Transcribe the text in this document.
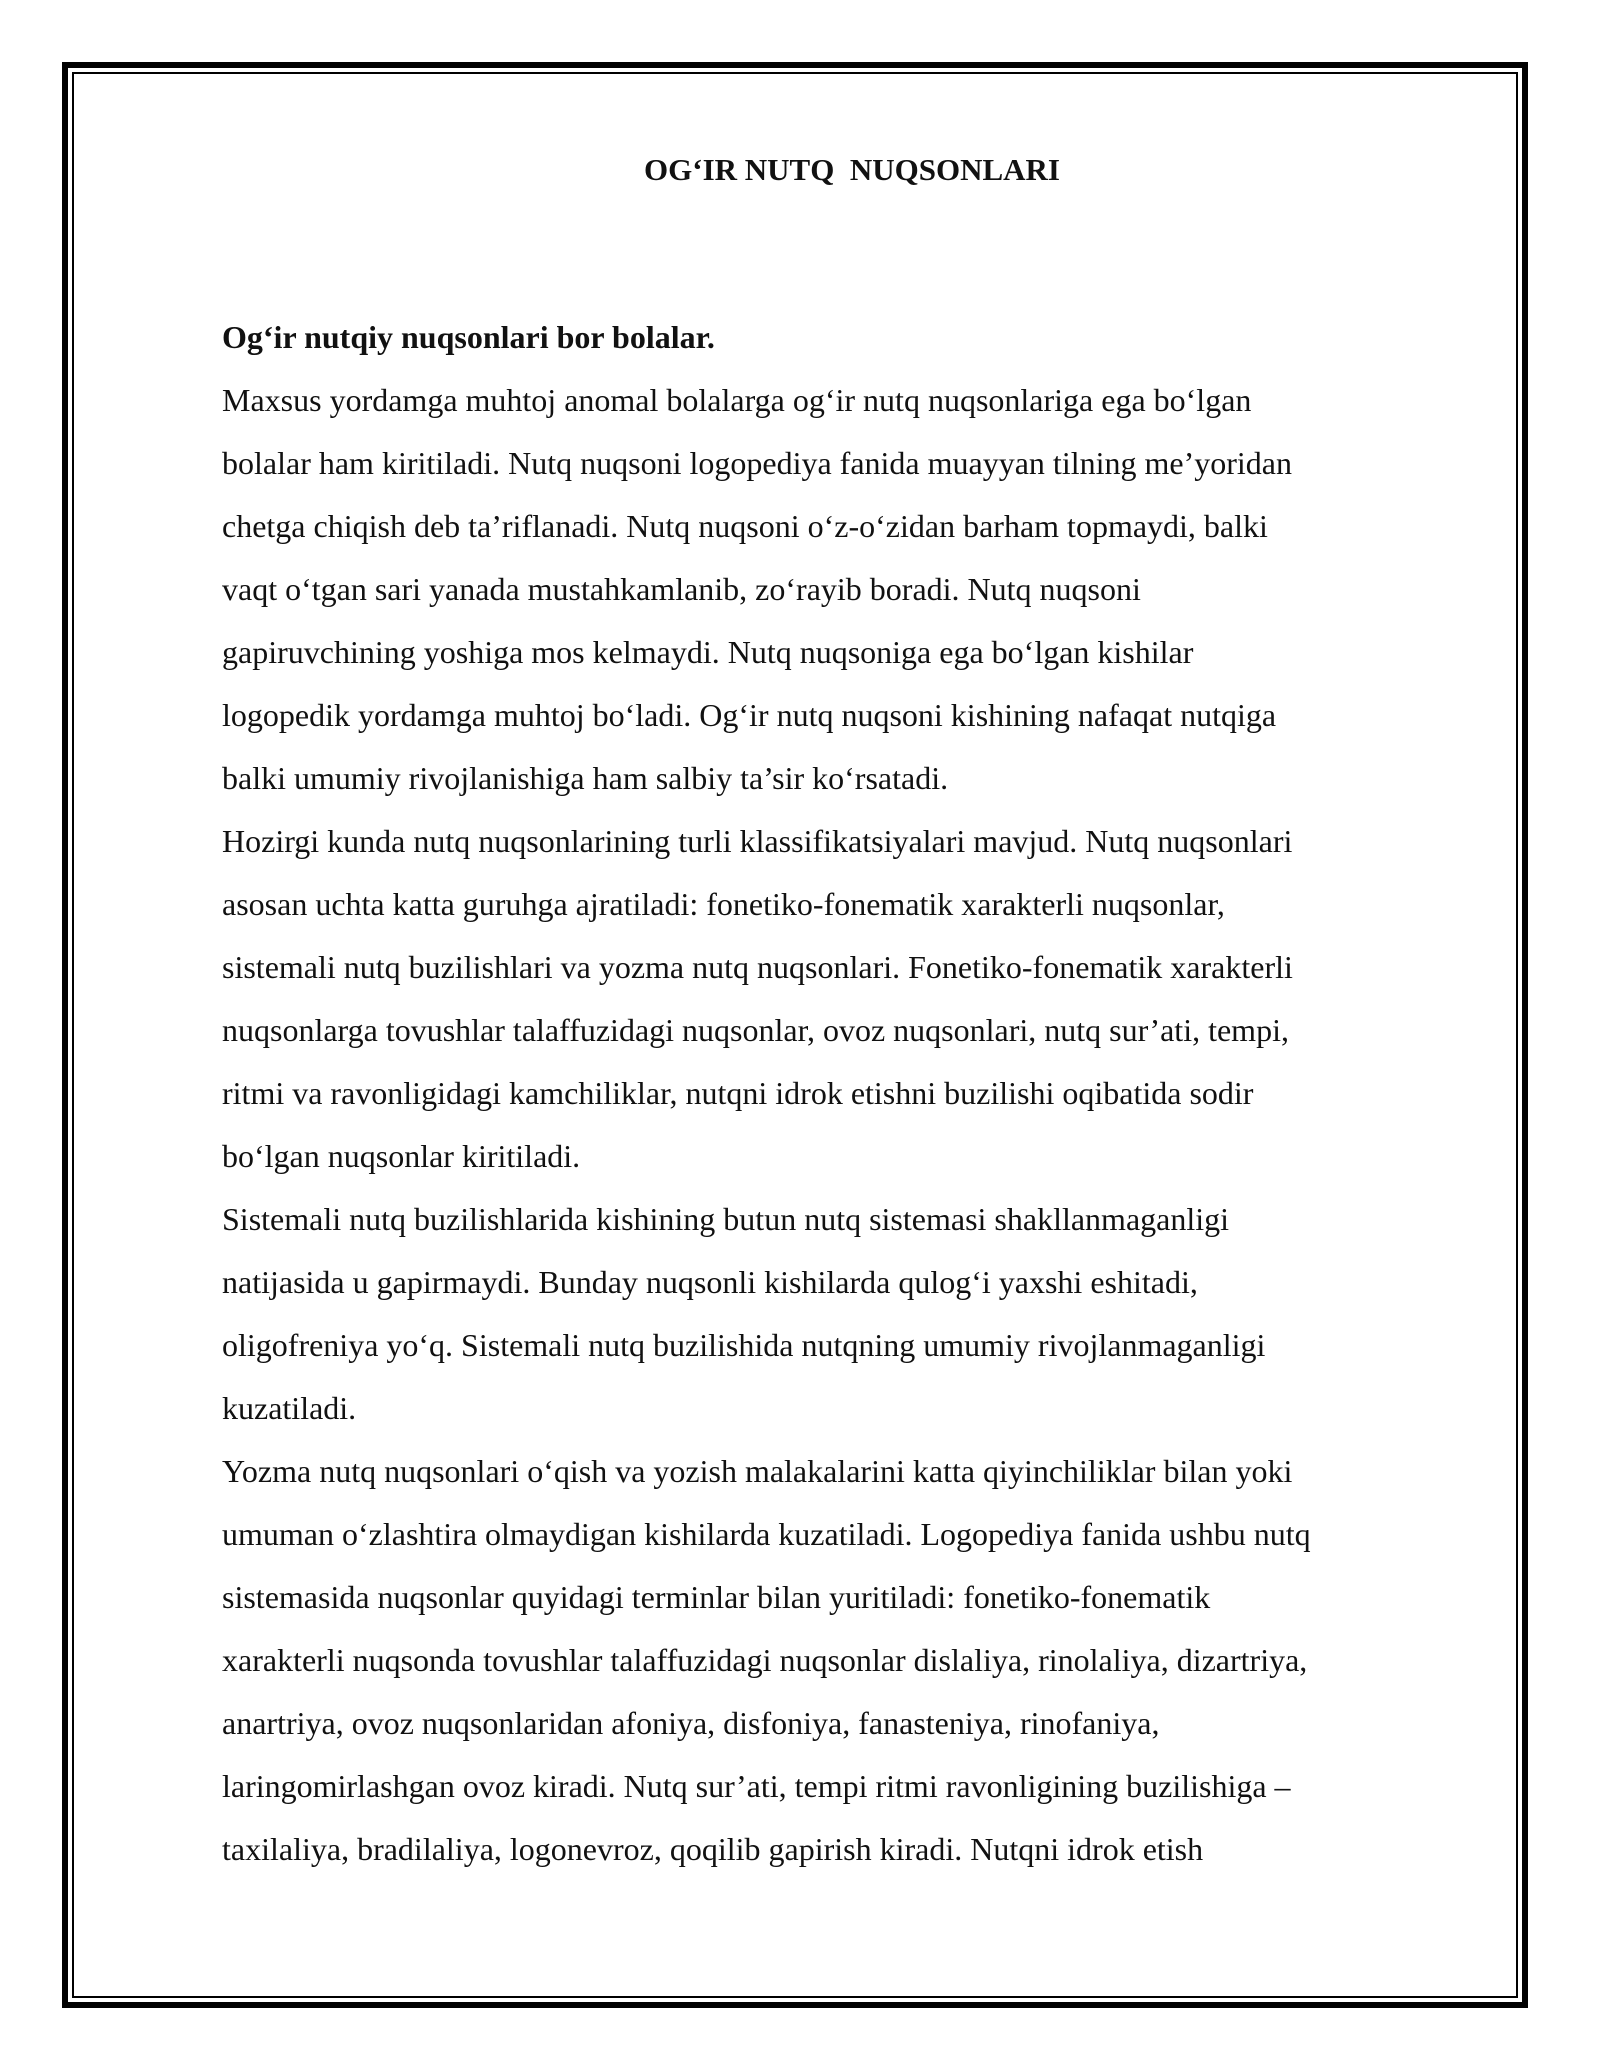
OG‘IR NUTQ  NUQSONLARI
Og‘ir nutqiy nuqsonlari bor bolalar.

Maxsus yordamga muhtoj anomal bolalarga og‘ir nutq nuqsonlariga ega bo‘lgan
bolalar ham kiritiladi. Nutq nuqsoni logopediya fanida muayyan tilning me’yoridan
chetga chiqish deb ta’riflanadi. Nutq nuqsoni o‘z-o‘zidan barham topmaydi, balki
vaqt o‘tgan sari yanada mustahkamlanib, zo‘rayib boradi. Nutq nuqsoni
gapiruvchining yoshiga mos kelmaydi. Nutq nuqsoniga ega bo‘lgan kishilar
logopedik yordamga muhtoj bo‘ladi. Og‘ir nutq nuqsoni kishining nafaqat nutqiga
balki umumiy rivojlanishiga ham salbiy ta’sir ko‘rsatadi.

Hozirgi kunda nutq nuqsonlarining turli klassifikatsiyalari mavjud. Nutq nuqsonlari
asosan uchta katta guruhga ajratiladi: fonetiko-fonematik xarakterli nuqsonlar,
sistemali nutq buzilishlari va yozma nutq nuqsonlari. Fonetiko-fonematik xarakterli
nuqsonlarga tovushlar talaffuzidagi nuqsonlar, ovoz nuqsonlari, nutq sur’ati, tempi,
ritmi va ravonligidagi kamchiliklar, nutqni idrok etishni buzilishi oqibatida sodir
bo‘lgan nuqsonlar kiritiladi.

Sistemali nutq buzilishlarida kishining butun nutq sistemasi shakllanmaganligi
natijasida u gapirmaydi. Bunday nuqsonli kishilarda qulog‘i yaxshi eshitadi,
oligofreniya yo‘q. Sistemali nutq buzilishida nutqning umumiy rivojlanmaganligi
kuzatiladi.

Yozma nutq nuqsonlari o‘qish va yozish malakalarini katta qiyinchiliklar bilan yoki
umuman o‘zlashtira olmaydigan kishilarda kuzatiladi. Logopediya fanida ushbu nutq
sistemasida nuqsonlar quyidagi terminlar bilan yuritiladi: fonetiko-fonematik
xarakterli nuqsonda tovushlar talaffuzidagi nuqsonlar dislaliya, rinolaliya, dizartriya,
anartriya, ovoz nuqsonlaridan afoniya, disfoniya, fanasteniya, rinofaniya,
laringomirlashgan ovoz kiradi. Nutq sur’ati, tempi ritmi ravonligining buzilishiga –
taxilaliya, bradilaliya, logonevroz, qoqilib gapirish kiradi. Nutqni idrok etish
